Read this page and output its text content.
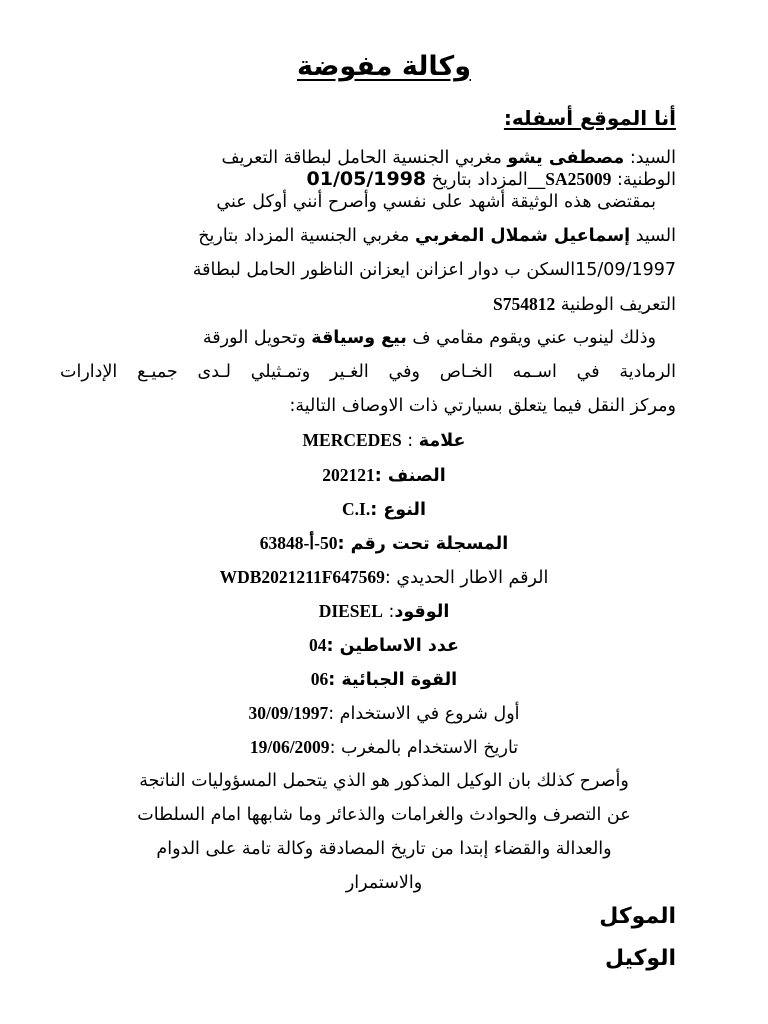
وكالة مفوضة
أنا الموقع أسفله:
السيد: مصطفى يشو مغربي الجنسية الحامل لبطاقة التعريف
الوطنية: SA25009__المزداد بتاريخ 01/05/1998
بمقتضى هذه الوثيقة أشهد على نفسي وأصرح أنني أوكل عني
السيد إسماعيل شملال المغربي مغربي الجنسية المزداد بتاريخ
15/09/1997السكن ب دوار اعزانن ايعزانن الناظور الحامل لبطاقة
التعريف الوطنية S754812
وذلك لينوب عني ويقوم مقامي ف بيع وسياقة وتحويل الورقة
الرمادية في اسـمه الخـاص وفي الغـير وتمـثيلي لـدى جميـع الإدارات
ومركز النقل فيما يتعلق بسيارتي ذات الاوصاف التالية:
علامة : MERCEDES
الصنف :202121
النوع :C.I.
المسجلة تحت رقم :50-أ-63848
الرقم الاطار الحديدي :WDB2021211F647569
الوقود: DIESEL
عدد الاساطين :04
القوة الجبائية :06
أول شروع في الاستخدام :30/09/1997
تاريخ الاستخدام بالمغرب :19/06/2009
وأصرح كذلك بان الوكيل المذكور هو الذي يتحمل المسؤوليات الناتجة
عن التصرف والحوادث والغرامات والذعائر وما شابهها امام السلطات
والعدالة والقضاء إبتدا من تاريخ المصادقة وكالة تامة على الدوام
والاستمرار
الموكل
الوكيل
